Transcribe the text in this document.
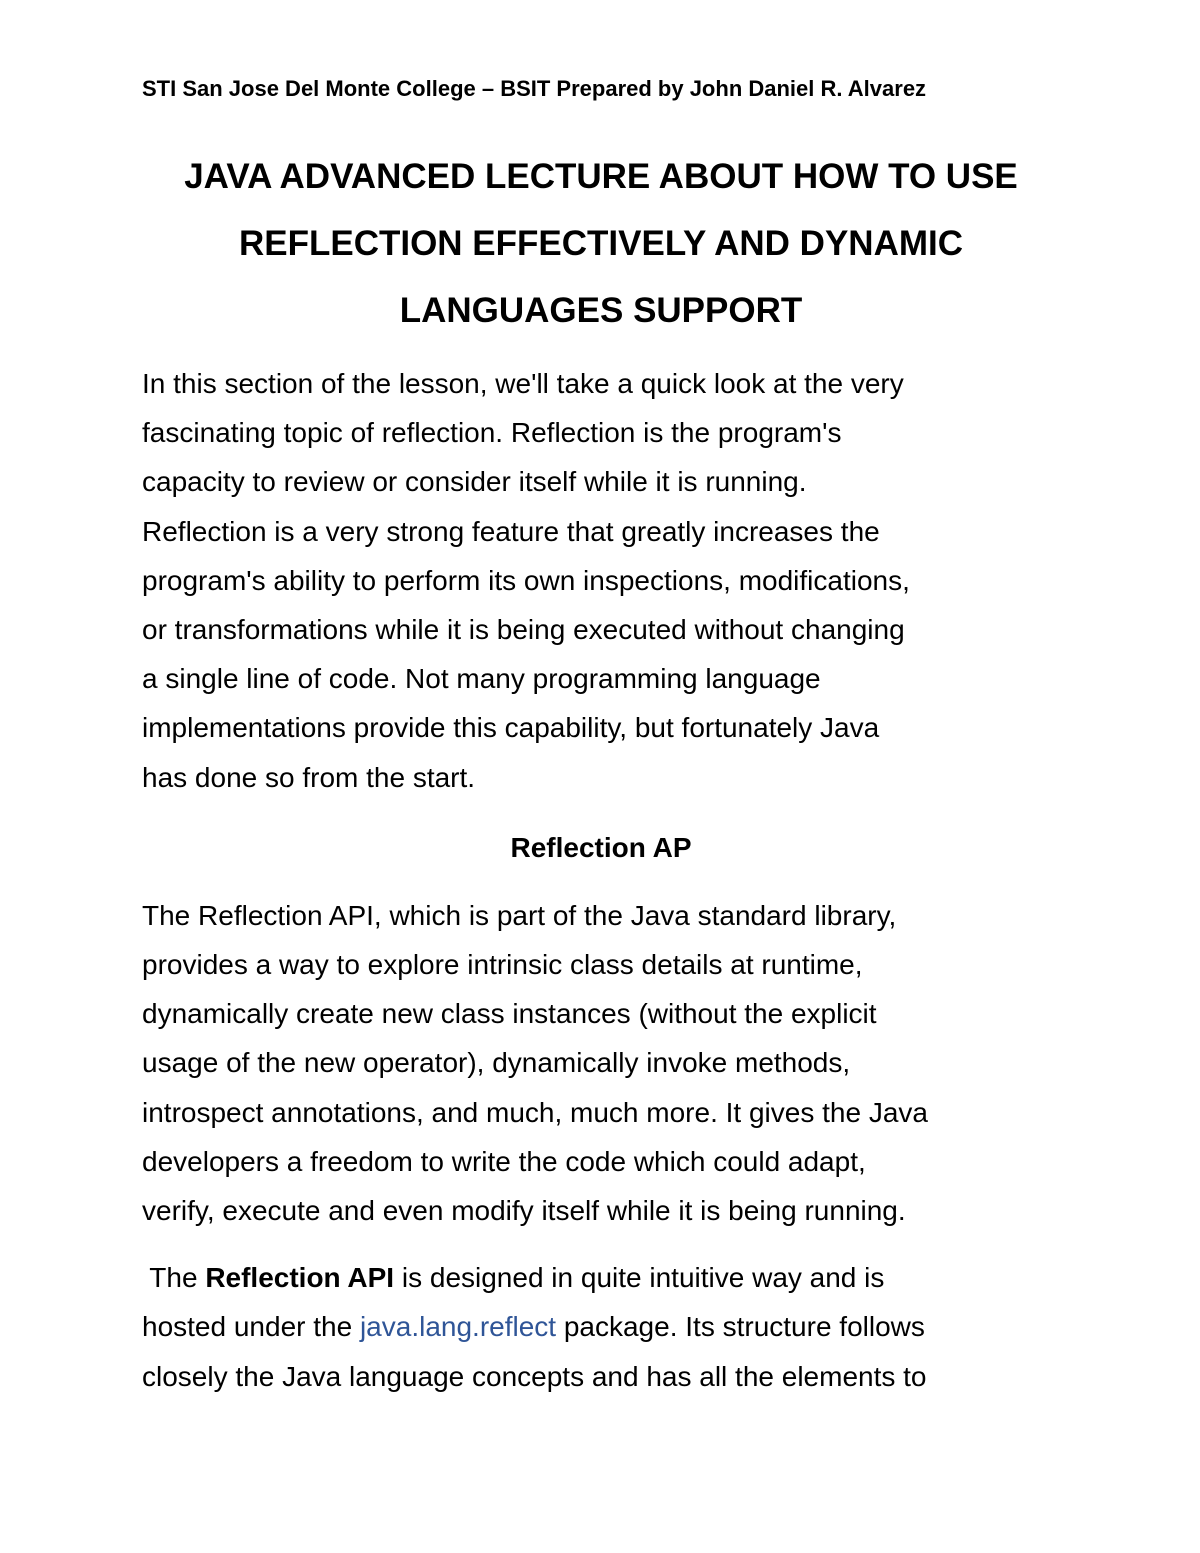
STI San Jose Del Monte College – BSIT Prepared by John Daniel R. Alvarez

JAVA ADVANCED LECTURE ABOUT HOW TO USE
REFLECTION EFFECTIVELY AND DYNAMIC
LANGUAGES SUPPORT

In this section of the lesson, we'll take a quick look at the very
fascinating topic of reflection. Reflection is the program's
capacity to review or consider itself while it is running.
Reflection is a very strong feature that greatly increases the
program's ability to perform its own inspections, modifications,
or transformations while it is being executed without changing
a single line of code. Not many programming language
implementations provide this capability, but fortunately Java
has done so from the start.

Reflection AP

The Reflection API, which is part of the Java standard library,
provides a way to explore intrinsic class details at runtime,
dynamically create new class instances (without the explicit
usage of the new operator), dynamically invoke methods,
introspect annotations, and much, much more. It gives the Java
developers a freedom to write the code which could adapt,
verify, execute and even modify itself while it is being running.

The Reflection API is designed in quite intuitive way and is
hosted under the java.lang.reflect package. Its structure follows
closely the Java language concepts and has all the elements to
